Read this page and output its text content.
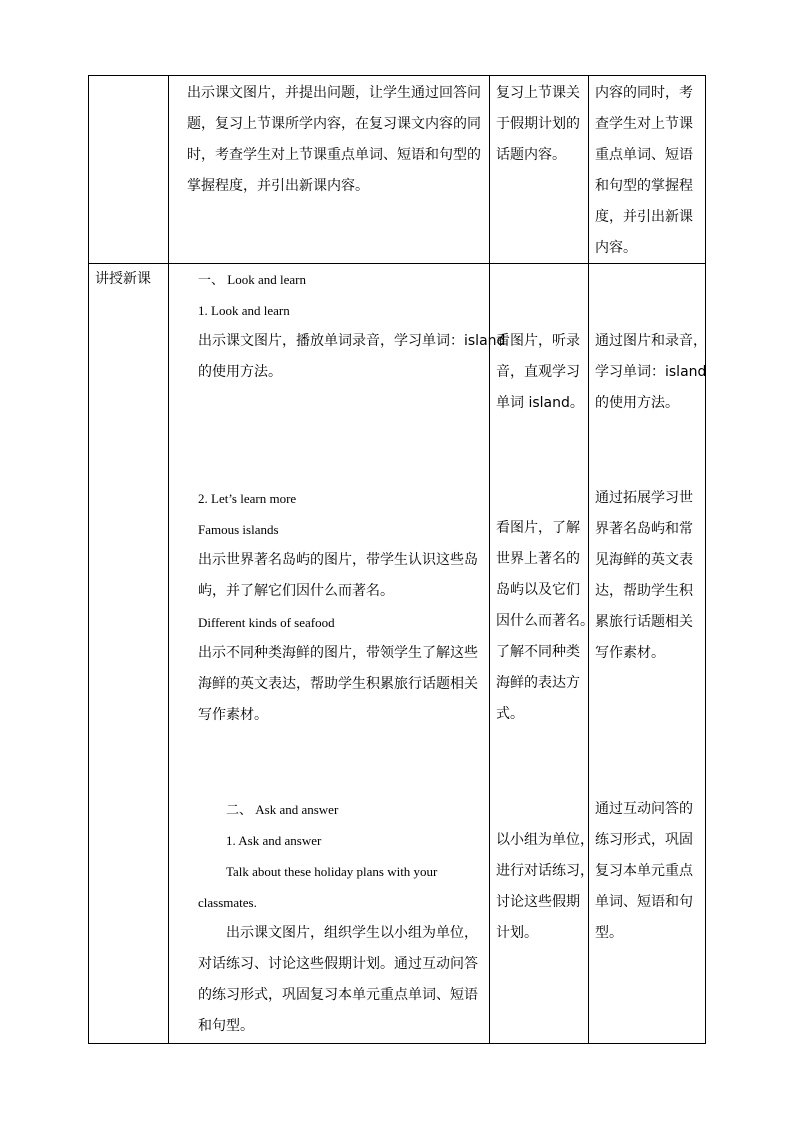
出示课文图片，并提出问题，让学生通过回答问
题，复习上节课所学内容，在复习课文内容的同
时，考查学生对上节课重点单词、短语和句型的
掌握程度，并引出新课内容。
复习上节课关
于假期计划的
话题内容。
内容的同时，考
查学生对上节课
重点单词、短语
和句型的掌握程
度，并引出新课
内容。
讲授新课	一、 Look and learn
1. Look and learn
出示课文图片，播放单词录音，学习单词：island
的使用方法。
看图片，听录
音，直观学习
单词 island。
通过图片和录音，
学习单词：island
的使用方法。
2. Let’s learn more
Famous islands
出示世界著名岛屿的图片，带学生认识这些岛
屿，并了解它们因什么而著名。
Different kinds of seafood
出示不同种类海鲜的图片，带领学生了解这些
海鲜的英文表达，帮助学生积累旅行话题相关
写作素材。
看图片，了解
世界上著名的
岛屿以及它们
因什么而著名。
了解不同种类
海鲜的表达方
式。
通过拓展学习世
界著名岛屿和常
见海鲜的英文表
达，帮助学生积
累旅行话题相关
写作素材。
二、 Ask and answer
1. Ask and answer
Talk about these holiday plans with your
classmates.
出示课文图片，组织学生以小组为单位，
对话练习、讨论这些假期计划。通过互动问答
的练习形式，巩固复习本单元重点单词、短语
和句型。
以小组为单位，
进行对话练习，
讨论这些假期
计划。
通过互动问答的
练习形式，巩固
复习本单元重点
单词、短语和句
型。
